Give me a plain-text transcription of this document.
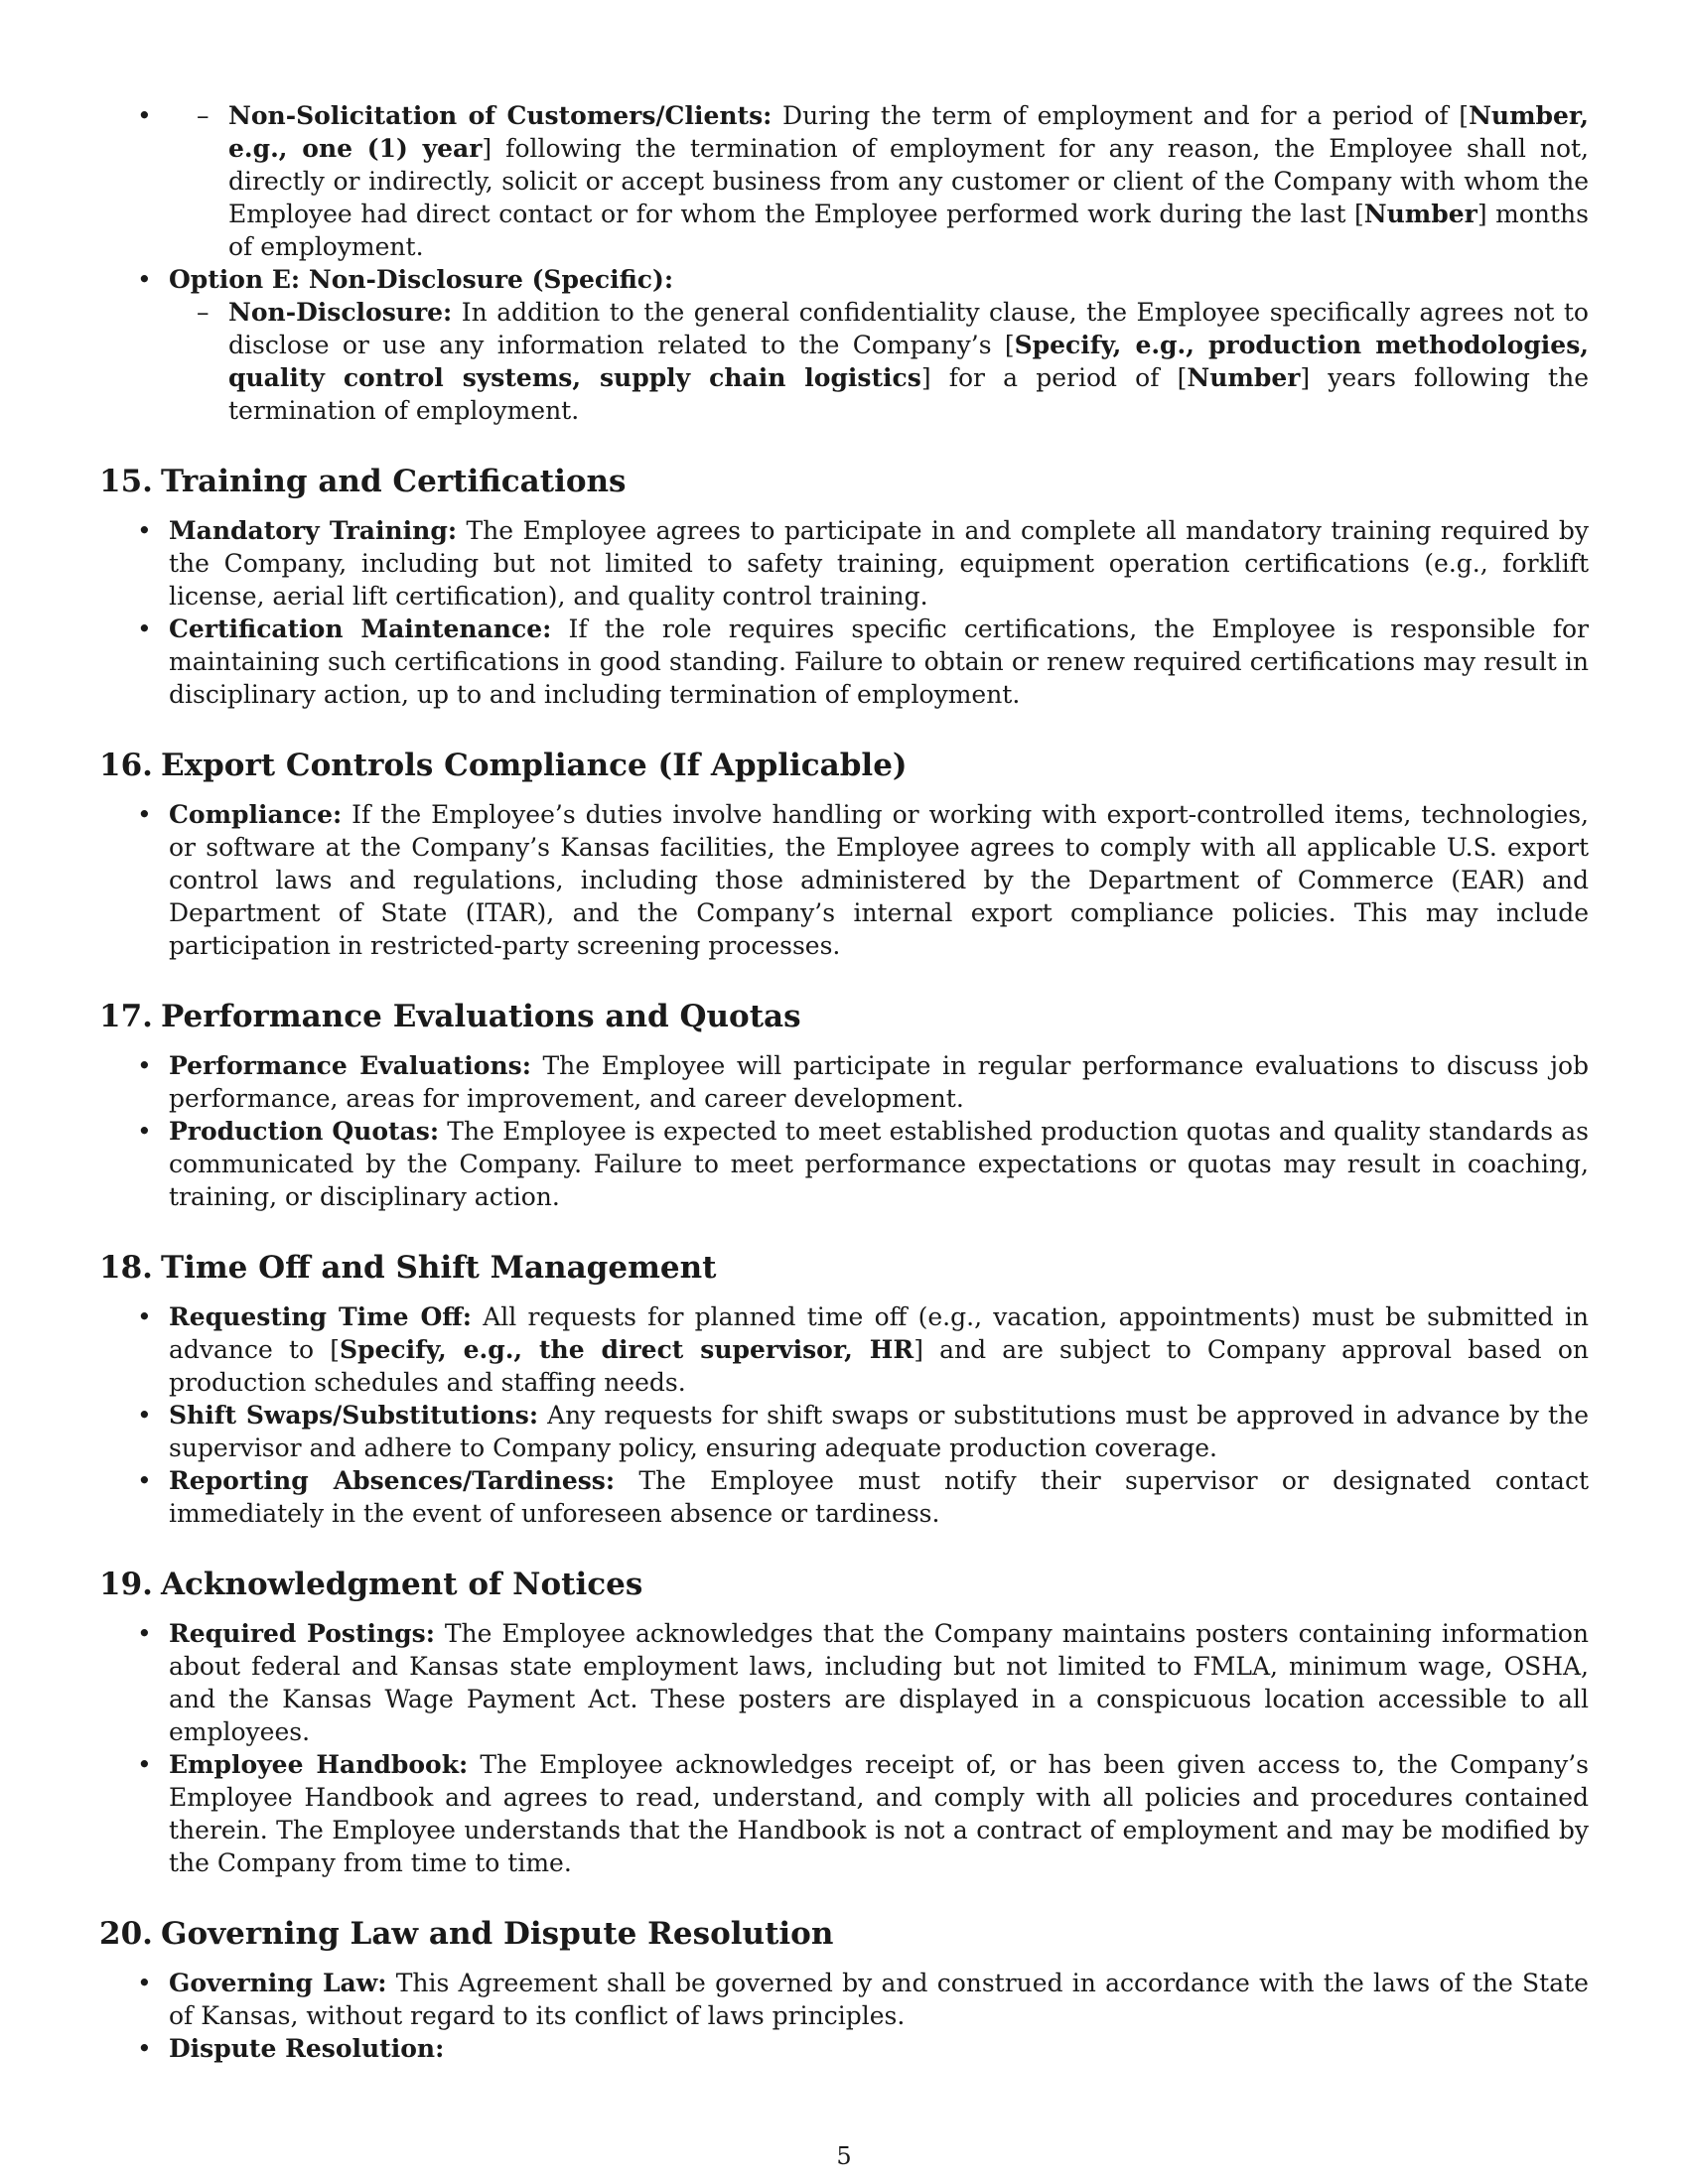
– • Non-Solicitation of Customers/Clients: During the term of employment and for a period of [Number, e.g., one (1) year] following the termination of employment for any reason, the Employee shall not, directly or indirectly, solicit or accept business from any customer or client of the Company with whom the Employee had direct contact or for whom the Employee performed work during the last [Number] months of employment.
• Option E: Non-Disclosure (Specific):
– Non-Disclosure: In addition to the general confidentiality clause, the Employee specifically agrees not to disclose or use any information related to the Company’s [Specify, e.g., production methodologies, quality control systems, supply chain logistics] for a period of [Number] years following the termination of employment.
15. Training and Certifications
• Mandatory Training: The Employee agrees to participate in and complete all mandatory training required by the Company, including but not limited to safety training, equipment operation certifications (e.g., forklift license, aerial lift certification), and quality control training.
• Certification Maintenance: If the role requires specific certifications, the Employee is responsible for maintaining such certifications in good standing. Failure to obtain or renew required certifications may result in disciplinary action, up to and including termination of employment.
16. Export Controls Compliance (If Applicable)
• Compliance: If the Employee’s duties involve handling or working with export-controlled items, technologies, or software at the Company’s Kansas facilities, the Employee agrees to comply with all applicable U.S. export control laws and regulations, including those administered by the Department of Commerce (EAR) and Department of State (ITAR), and the Company’s internal export compliance policies. This may include participation in restricted-party screening processes.
17. Performance Evaluations and Quotas
• Performance Evaluations: The Employee will participate in regular performance evaluations to discuss job performance, areas for improvement, and career development.
• Production Quotas: The Employee is expected to meet established production quotas and quality standards as communicated by the Company. Failure to meet performance expectations or quotas may result in coaching, training, or disciplinary action.
18. Time Off and Shift Management
• Requesting Time Off: All requests for planned time off (e.g., vacation, appointments) must be submitted in advance to [Specify, e.g., the direct supervisor, HR] and are subject to Company approval based on production schedules and staffing needs.
• Shift Swaps/Substitutions: Any requests for shift swaps or substitutions must be approved in advance by the supervisor and adhere to Company policy, ensuring adequate production coverage.
• Reporting Absences/Tardiness: The Employee must notify their supervisor or designated contact immediately in the event of unforeseen absence or tardiness.
19. Acknowledgment of Notices
• Required Postings: The Employee acknowledges that the Company maintains posters containing information about federal and Kansas state employment laws, including but not limited to FMLA, minimum wage, OSHA, and the Kansas Wage Payment Act. These posters are displayed in a conspicuous location accessible to all employees.
• Employee Handbook: The Employee acknowledges receipt of, or has been given access to, the Company’s Employee Handbook and agrees to read, understand, and comply with all policies and procedures contained therein. The Employee understands that the Handbook is not a contract of employment and may be modified by the Company from time to time.
20. Governing Law and Dispute Resolution
• Governing Law: This Agreement shall be governed by and construed in accordance with the laws of the State of Kansas, without regard to its conflict of laws principles.
• Dispute Resolution:
5
